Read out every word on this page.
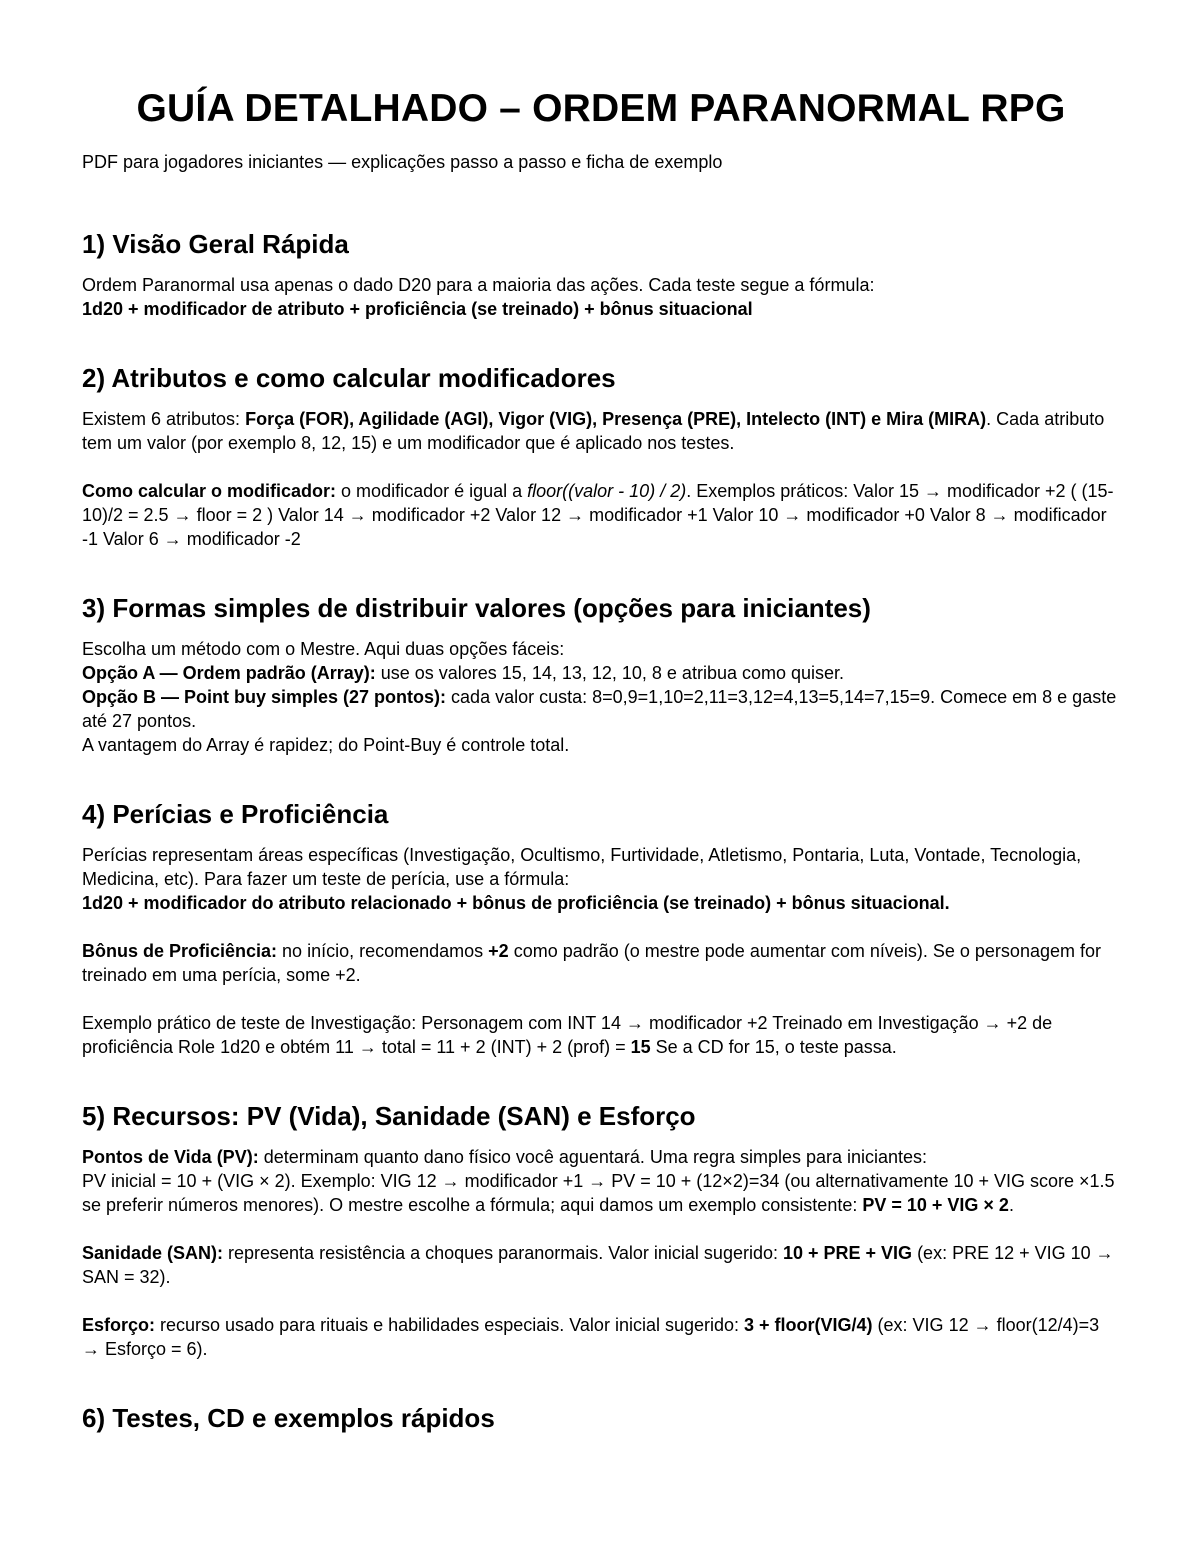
GUÍA DETALHADO – ORDEM PARANORMAL RPG

PDF para jogadores iniciantes — explicações passo a passo e ficha de exemplo

1) Visão Geral Rápida

Ordem Paranormal usa apenas o dado D20 para a maioria das ações. Cada teste segue a fórmula:
1d20 + modificador de atributo + proficiência (se treinado) + bônus situacional

2) Atributos e como calcular modificadores

Existem 6 atributos: Força (FOR), Agilidade (AGI), Vigor (VIG), Presença (PRE), Intelecto (INT) e Mira (MIRA). Cada atributo tem um valor (por exemplo 8, 12, 15) e um modificador que é aplicado nos testes.

Como calcular o modificador: o modificador é igual a floor((valor - 10) / 2). Exemplos práticos: Valor 15 → modificador +2 ( (15-10)/2 = 2.5 → floor = 2 ) Valor 14 → modificador +2 Valor 12 → modificador +1 Valor 10 → modificador +0 Valor 8 → modificador -1 Valor 6 → modificador -2

3) Formas simples de distribuir valores (opções para iniciantes)

Escolha um método com o Mestre. Aqui duas opções fáceis:
Opção A — Ordem padrão (Array): use os valores 15, 14, 13, 12, 10, 8 e atribua como quiser.
Opção B — Point buy simples (27 pontos): cada valor custa: 8=0,9=1,10=2,11=3,12=4,13=5,14=7,15=9. Comece em 8 e gaste até 27 pontos.
A vantagem do Array é rapidez; do Point-Buy é controle total.

4) Perícias e Proficiência

Perícias representam áreas específicas (Investigação, Ocultismo, Furtividade, Atletismo, Pontaria, Luta, Vontade, Tecnologia, Medicina, etc). Para fazer um teste de perícia, use a fórmula:
1d20 + modificador do atributo relacionado + bônus de proficiência (se treinado) + bônus situacional.

Bônus de Proficiência: no início, recomendamos +2 como padrão (o mestre pode aumentar com níveis). Se o personagem for treinado em uma perícia, some +2.

Exemplo prático de teste de Investigação: Personagem com INT 14 → modificador +2 Treinado em Investigação → +2 de proficiência Role 1d20 e obtém 11 → total = 11 + 2 (INT) + 2 (prof) = 15 Se a CD for 15, o teste passa.

5) Recursos: PV (Vida), Sanidade (SAN) e Esforço

Pontos de Vida (PV): determinam quanto dano físico você aguentará. Uma regra simples para iniciantes:
PV inicial = 10 + (VIG × 2). Exemplo: VIG 12 → modificador +1 → PV = 10 + (12×2)=34 (ou alternativamente 10 + VIG score ×1.5 se preferir números menores). O mestre escolhe a fórmula; aqui damos um exemplo consistente: PV = 10 + VIG × 2.

Sanidade (SAN): representa resistência a choques paranormais. Valor inicial sugerido: 10 + PRE + VIG (ex: PRE 12 + VIG 10 → SAN = 32).

Esforço: recurso usado para rituais e habilidades especiais. Valor inicial sugerido: 3 + floor(VIG/4) (ex: VIG 12 → floor(12/4)=3 → Esforço = 6).

6) Testes, CD e exemplos rápidos
